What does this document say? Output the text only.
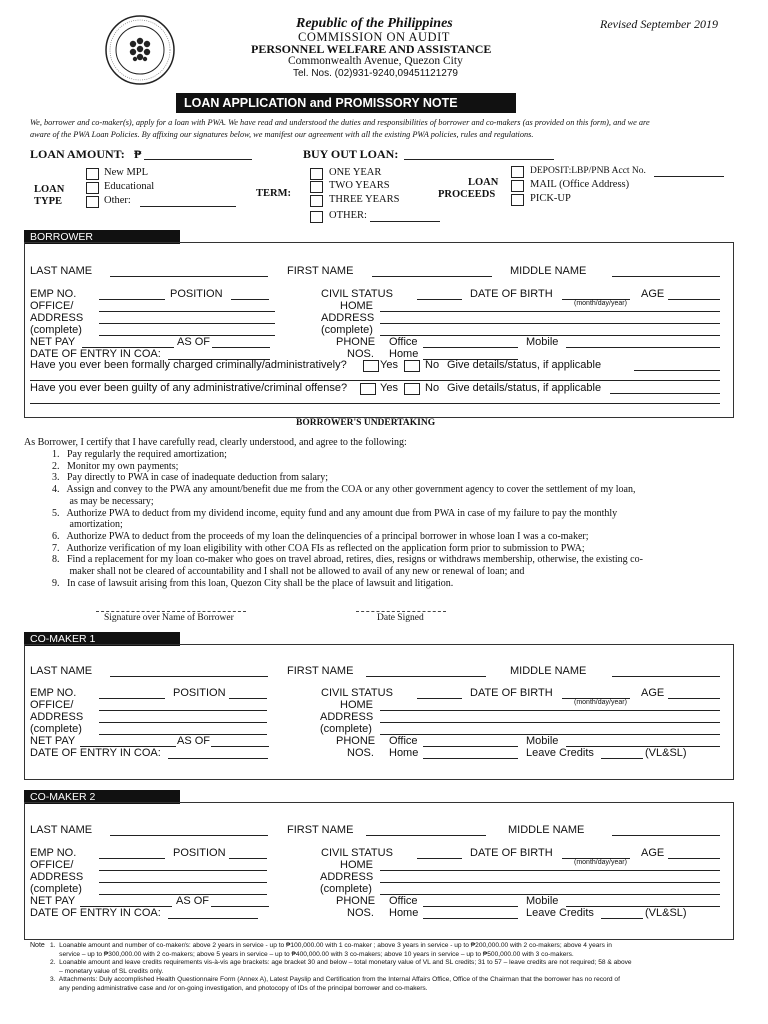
Republic of the Philippines	Revised September 2019
COMMISSION ON AUDIT
PERSONNEL WELFARE AND ASSISTANCE
Commonwealth Avenue, Quezon City
Tel. Nos. (02)931-9240,09451121279
LOAN APPLICATION and PROMISSORY NOTE
We, borrower and co-maker(s), apply for a loan with PWA. We have read and understood the duties and responsibilities of borrower and co-makers (as provided on this form), and we are
aware of the PWA Loan Policies. By affixing our signatures below, we manifest our agreement with all the existing PWA policies, rules and regulations.
LOAN AMOUNT: ₱	BUY OUT LOAN:
LOAN
TYPE
New MPL
Educational
Other:
TERM:
ONE YEAR
TWO YEARS
THREE YEARS
OTHER:
LOAN
PROCEEDS
DEPOSIT:LBP/PNB Acct No.
MAIL (Office Address)
PICK-UP
BORROWER
LAST NAME	FIRST NAME	MIDDLE NAME
EMP NO.	POSITION	CIVIL STATUS	DATE OF BIRTH
(month/day/year)
AGE
OFFICE/	HOME
ADDRESS	ADDRESS
(complete)	(complete)
NET PAY	AS OF	PHONE Office	Mobile
DATE OF ENTRY IN COA:	NOS. Home
Have you ever been formally charged criminally/administratively?	Yes No Give details/status, if applicable
Have you ever been guilty of any administrative/criminal offense?	Yes No Give details/status, if applicable
BORROWER'S UNDERTAKING
As Borrower, I certify that I have carefully read, clearly understood, and agree to the following:
1.   Pay regularly the required amortization;
2.   Monitor my own payments;
3.   Pay directly to PWA in case of inadequate deduction from salary;
4.   Assign and convey to the PWA any amount/benefit due me from the COA or any other government agency to cover the settlement of my loan,
as may be necessary;
5.   Authorize PWA to deduct from my dividend income, equity fund and any amount due from PWA in case of my failure to pay the monthly
amortization;
6.   Authorize PWA to deduct from the proceeds of my loan the delinquencies of a principal borrower in whose loan I was a co-maker;
7.   Authorize verification of my loan eligibility with other COA FIs as reflected on the application form prior to submission to PWA;
8.   Find a replacement for my loan co-maker who goes on travel abroad, retires, dies, resigns or withdraws membership, otherwise, the existing co-
maker shall not be cleared of accountability and I shall not be allowed to avail of any new or renewal of loan; and
9.   In case of lawsuit arising from this loan, Quezon City shall be the place of lawsuit and litigation.
Signature over Name of Borrower	Date Signed
CO-MAKER 1
LAST NAME	FIRST NAME	MIDDLE NAME
EMP NO.	POSITION	CIVIL STATUS	DATE OF BIRTH
(month/day/year)
AGE
OFFICE/	HOME
ADDRESS	ADDRESS
(complete)	(complete)
NET PAY	AS OF	PHONE Office	Mobile
DATE OF ENTRY IN COA:	NOS. Home	Leave Credits	(VL&SL)
CO-MAKER 2
LAST NAME	FIRST NAME	MIDDLE NAME
EMP NO.	POSITION	CIVIL STATUS	DATE OF BIRTH
(month/day/year)
AGE
OFFICE/	HOME
ADDRESS	ADDRESS
(complete)	(complete)
NET PAY	AS OF	PHONE Office	Mobile
DATE OF ENTRY IN COA:	NOS. Home	Leave Credits	(VL&SL)
Note 1.  Loanable amount and number of co-maker/s: above 2 years in service - up to ₱100,000.00 with 1 co-maker ; above 3 years in service - up to ₱200,000.00 with 2 co-makers; above 4 years in
service – up to ₱300,000.00 with 2 co-makers; above 5 years in service – up to ₱400,000.00 with 3 co-makers; above 10 years in service – up to ₱500,000.00 with 3 co-makers.
2.  Loanable amount and leave credits requirements vis-à-vis age brackets: age bracket 30 and below – total monetary value of VL and SL credits; 31 to 57 – leave credits are not required; 58 & above
– monetary value of SL credits only.
3.  Attachments: Duly accomplished Health Questionnaire Form (Annex A), Latest Payslip and Certification from the Internal Affairs Office, Office of the Chairman that the borrower has no record of
any pending administrative case and /or on-going investigation, and photocopy of IDs of the principal borrower and co-makers.
